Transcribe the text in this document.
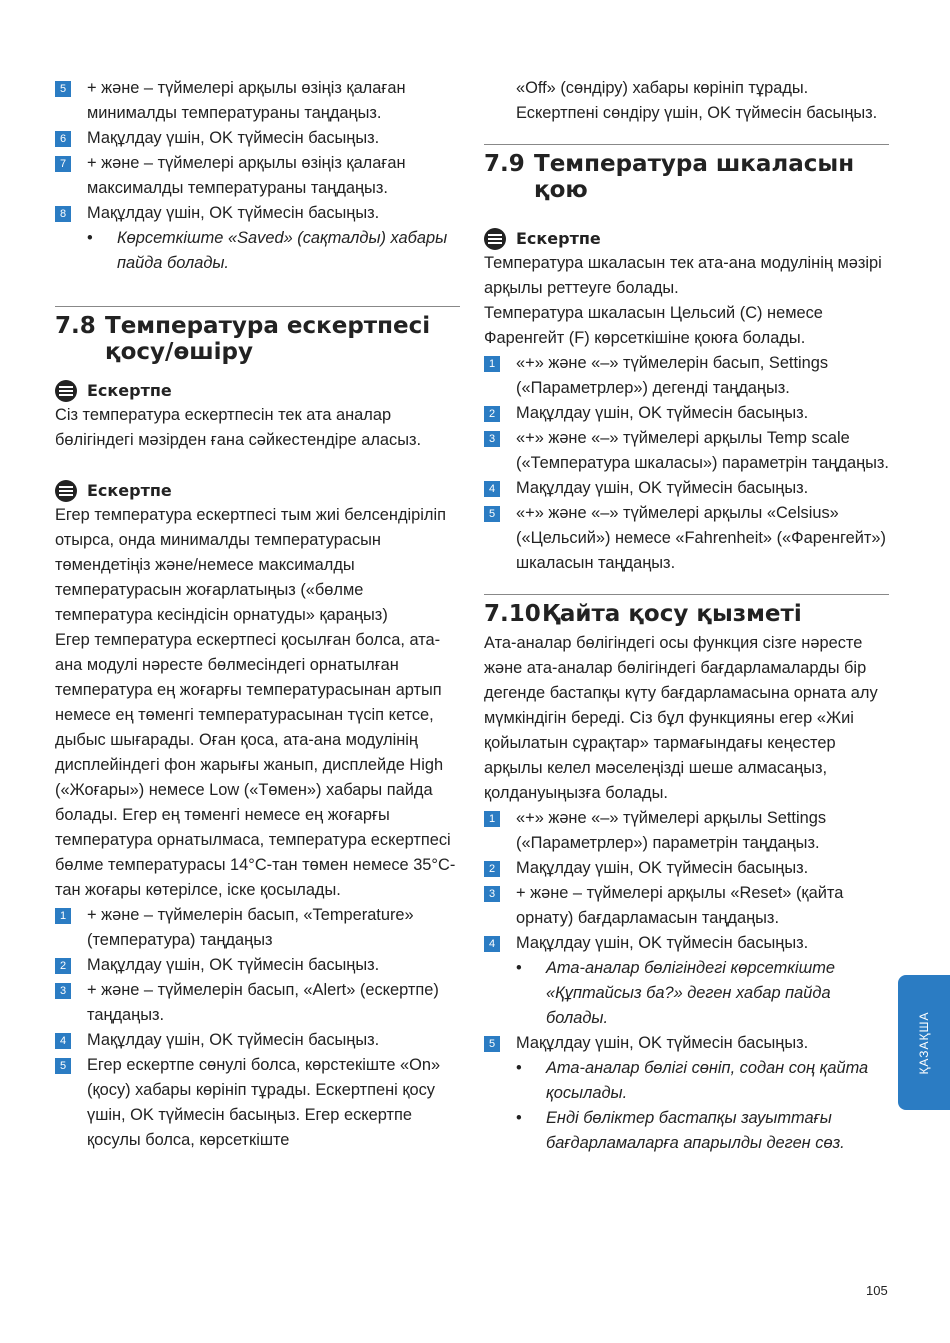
5	+ және – түймелері арқылы өзіңіз қалаған минималды температураны таңдаңыз.
6	Мақұлдау үшін, OK түймесін басыңыз.
7	+ және – түймелері арқылы өзіңіз қалаған максималды температураны таңдаңыз.
8	Мақұлдау үшін, OK түймесін басыңыз.
• Көрсеткіште «Saved» (сақталды) хабары пайда болады.
7.8 Температура ескертпесі қосу/өшіру
Ескертпе

Сіз температура ескертпесін тек ата аналар бөлігіндегі мәзірден ғана сәйкестендіре аласыз.

Ескертпе

Егер температура ескертпесі тым жиі белсендіріліп отырса, онда минималды температурасын төмендетіңіз және/немесе максималды температурасын жоғарлатыңыз («бөлме температура кесіндісін орнатуды» қараңыз)

Егер температура ескертпесі қосылған болса, ата-ана модулі нәресте бөлмесіндегі орнатылған температура ең жоғарғы температурасынан артып немесе ең төменгі температурасынан түсіп кетсе, дыбыс шығарады. Оған қоса, ата-ана модулінің дисплейіндегі фон жарығы жанып, дисплейде High («Жоғары») немесе Low («Төмен») хабары пайда болады. Егер ең төменгі немесе ең жоғарғы температура орнатылмаса, температура ескертпесі бөлме температурасы 14°C-тан төмен немесе 35°C-тан жоғары көтерілсе, іске қосылады.

1	+ және – түймелерін басып, «Temperature» (температура) таңдаңыз
2	Мақұлдау үшін, OK түймесін басыңыз.
3	+ және – түймелерін басып, «Alert» (ескертпе) таңдаңыз.
4	Мақұлдау үшін, OK түймесін басыңыз.
5	Егер ескертпе сөнулі болса, көрстекіште «On» (қосу) хабары көрініп тұрады. Ескертпені қосу үшін, OK түймесін басыңыз. Егер ескертпе қосулы болса, көрсеткіште
«Off» (сөндіру) хабары көрініп тұрады. Ескертпені сөндіру үшін, OK түймесін басыңыз.
7.9 Температура шкаласын қою
Ескертпе

Температура шкаласын тек ата-ана модулінің мәзірі арқылы реттеуге болады.

Температура шкаласын Цельсий (C) немесе Фаренгейт (F) көрсеткішіне қоюға болады.

1	«+» және «–» түймелерін басып, Settings («Параметрлер») дегенді таңдаңыз.
2	Мақұлдау үшін, OK түймесін басыңыз.
3	«+» және «–» түймелері арқылы Temp scale («Температура шкаласы») параметрін таңдаңыз.
4	Мақұлдау үшін, OK түймесін басыңыз.
5	«+» және «–» түймелері арқылы «Celsius» («Цельсий») немесе «Fahrenheit» («Фаренгейт») шкаласын таңдаңыз.
7.10 Қайта қосу қызметі

Ата-аналар бөлігіндегі осы функция сізге нәресте және ата-аналар бөлігіндегі бағдарламаларды бір дегенде бастапқы күту бағдарламасына орната алу мүмкіндігін береді. Сіз бұл функцияны егер «Жиі қойылатын сұрақтар» тармағындағы кеңестер арқылы келел мәселеңізді шеше алмасаңыз, қолдануыңызға болады.

1	«+» және «–» түймелері арқылы Settings («Параметрлер») параметрін таңдаңыз.
2	Мақұлдау үшін, OK түймесін басыңыз.
3	+ және – түймелері арқылы «Reset» (қайта орнату) бағдарламасын таңдаңыз.
4	Мақұлдау үшін, OK түймесін басыңыз.
• Ата-аналар бөлігіндегі көрсеткіште «Құптайсыз ба?» деген хабар пайда болады.
5	Мақұлдау үшін, OK түймесін басыңыз.
• Ата-аналар бөлігі сөніп, содан соң қайта қосылады.
• Енді бөліктер бастапқы зауыттағы бағдарламаларға апарылды деген сөз.
ҚАЗАҚША
105
